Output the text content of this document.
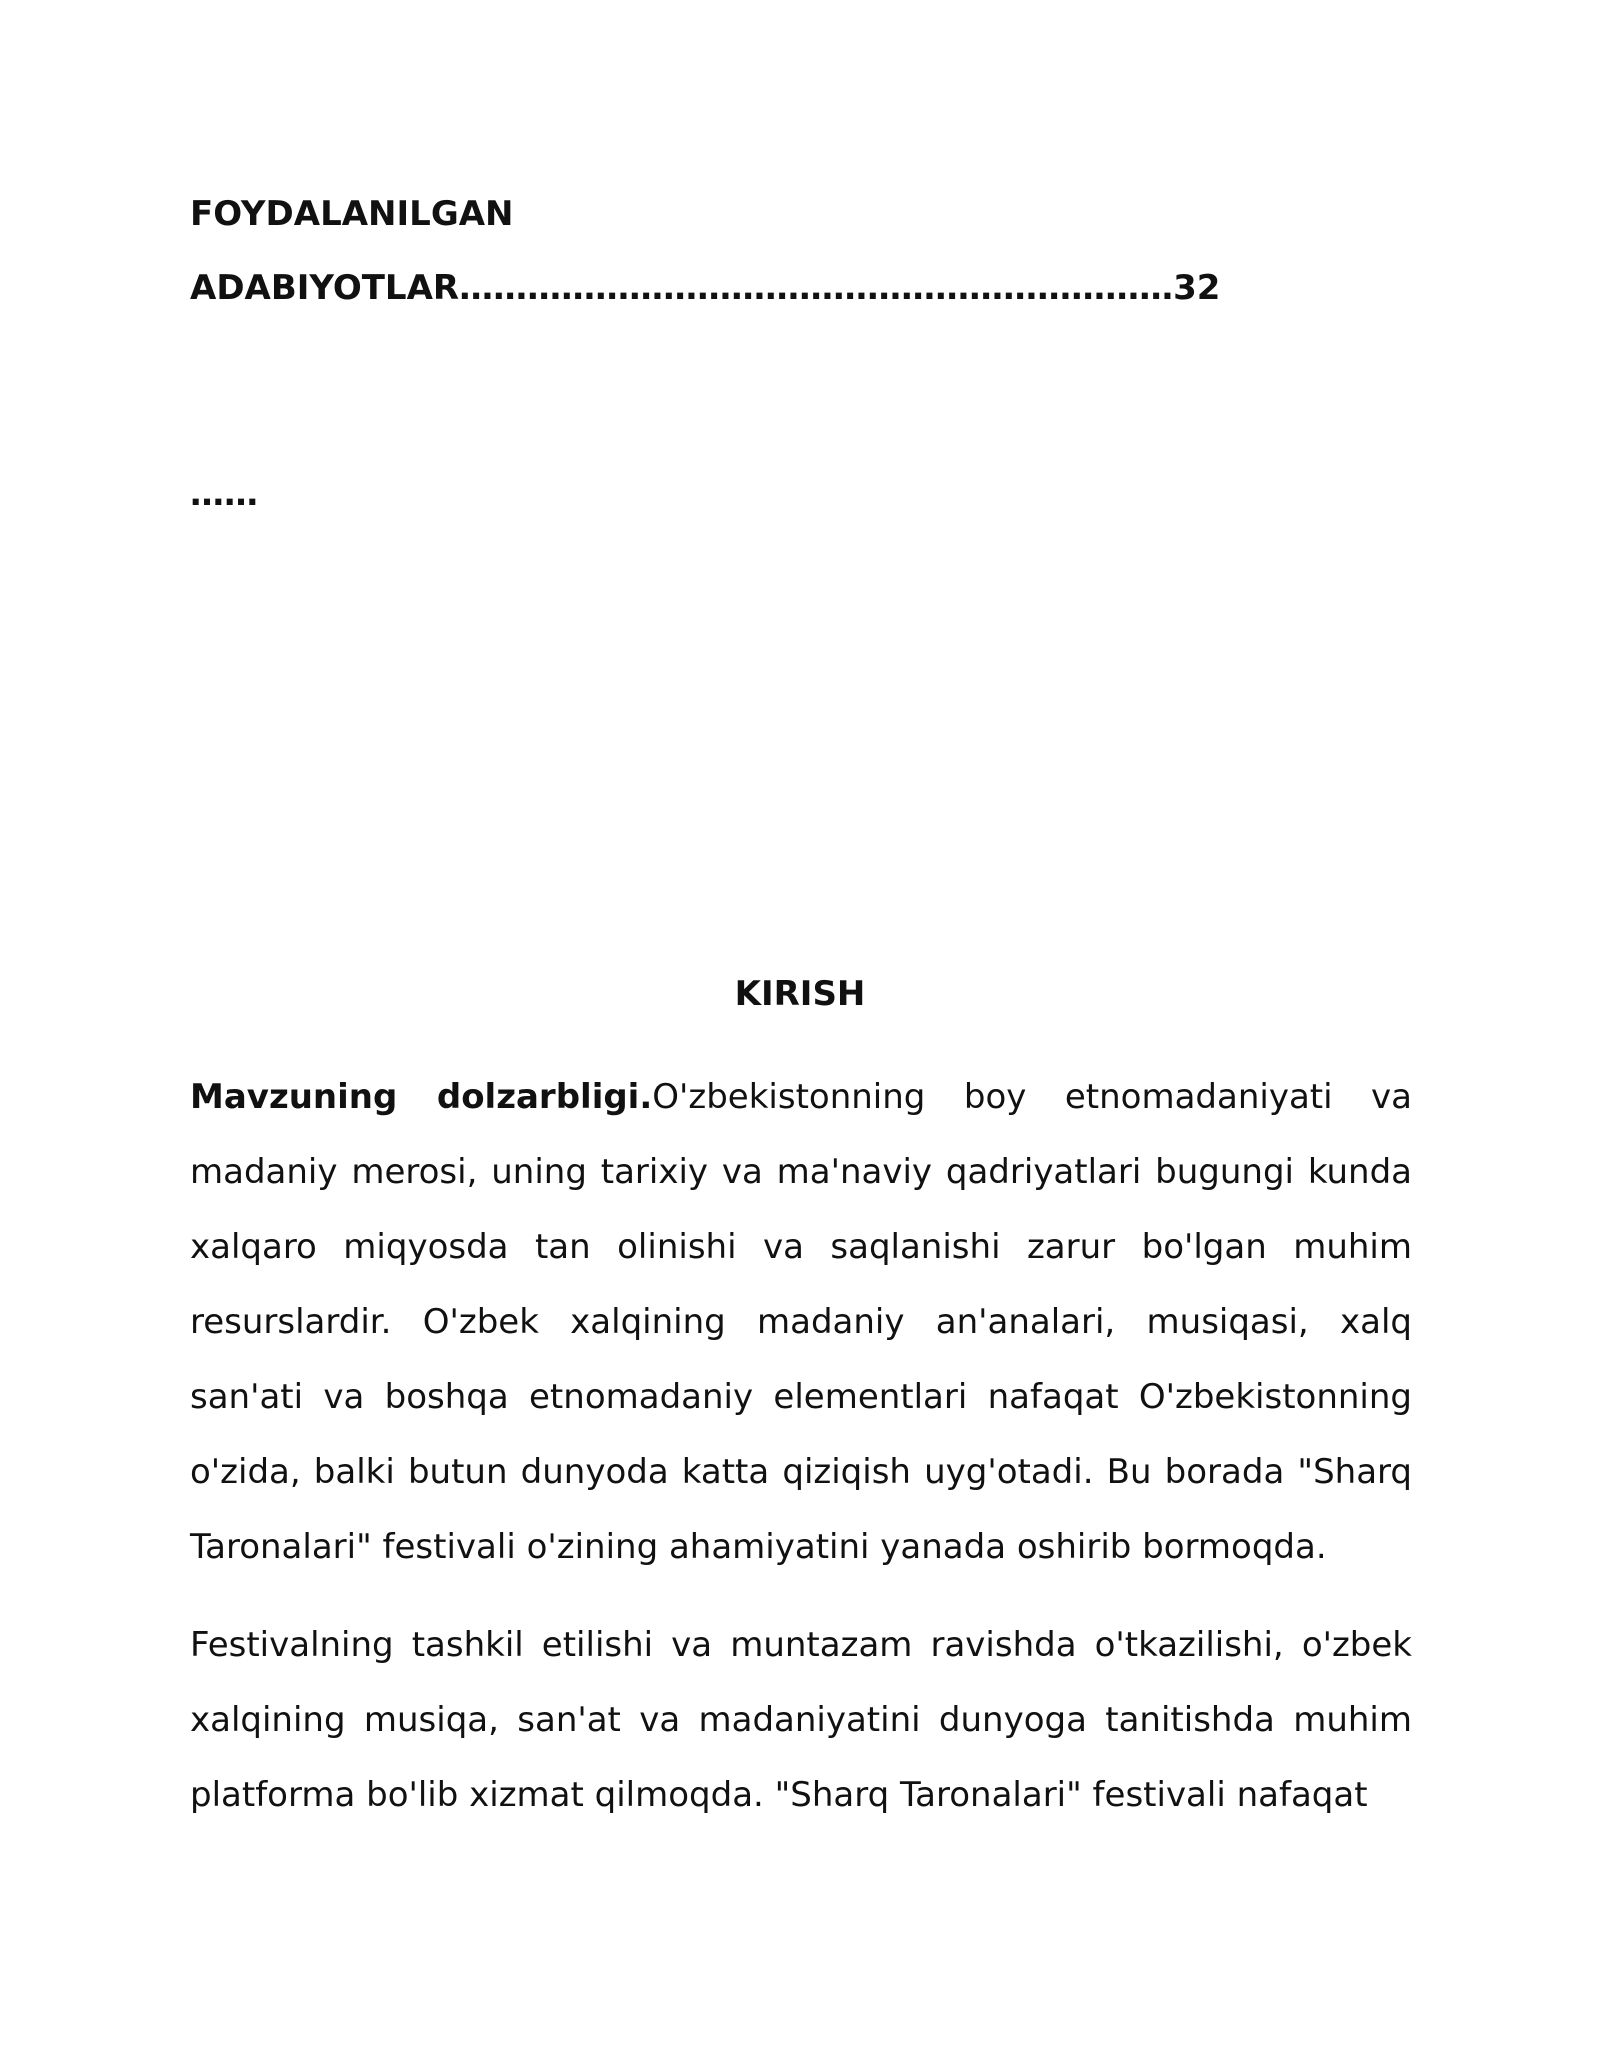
FOYDALANILGAN
ADABIYOTLAR………………………………………………………32
……
KIRISH

Mavzuning dolzarbligi.O'zbekistonning boy etnomadaniyati va madaniy merosi, uning tarixiy va ma'naviy qadriyatlari bugungi kunda xalqaro miqyosda tan olinishi va saqlanishi zarur bo'lgan muhim resurslardir. O'zbek xalqining madaniy an'analari, musiqasi, xalq san'ati va boshqa etnomadaniy elementlari nafaqat O'zbekistonning o'zida, balki butun dunyoda katta qiziqish uyg'otadi. Bu borada "Sharq Taronalari" festivali o'zining ahamiyatini yanada oshirib bormoqda.

Festivalning tashkil etilishi va muntazam ravishda o'tkazilishi, o'zbek xalqining musiqa, san'at va madaniyatini dunyoga tanitishda muhim platforma bo'lib xizmat qilmoqda. "Sharq Taronalari" festivali nafaqat
